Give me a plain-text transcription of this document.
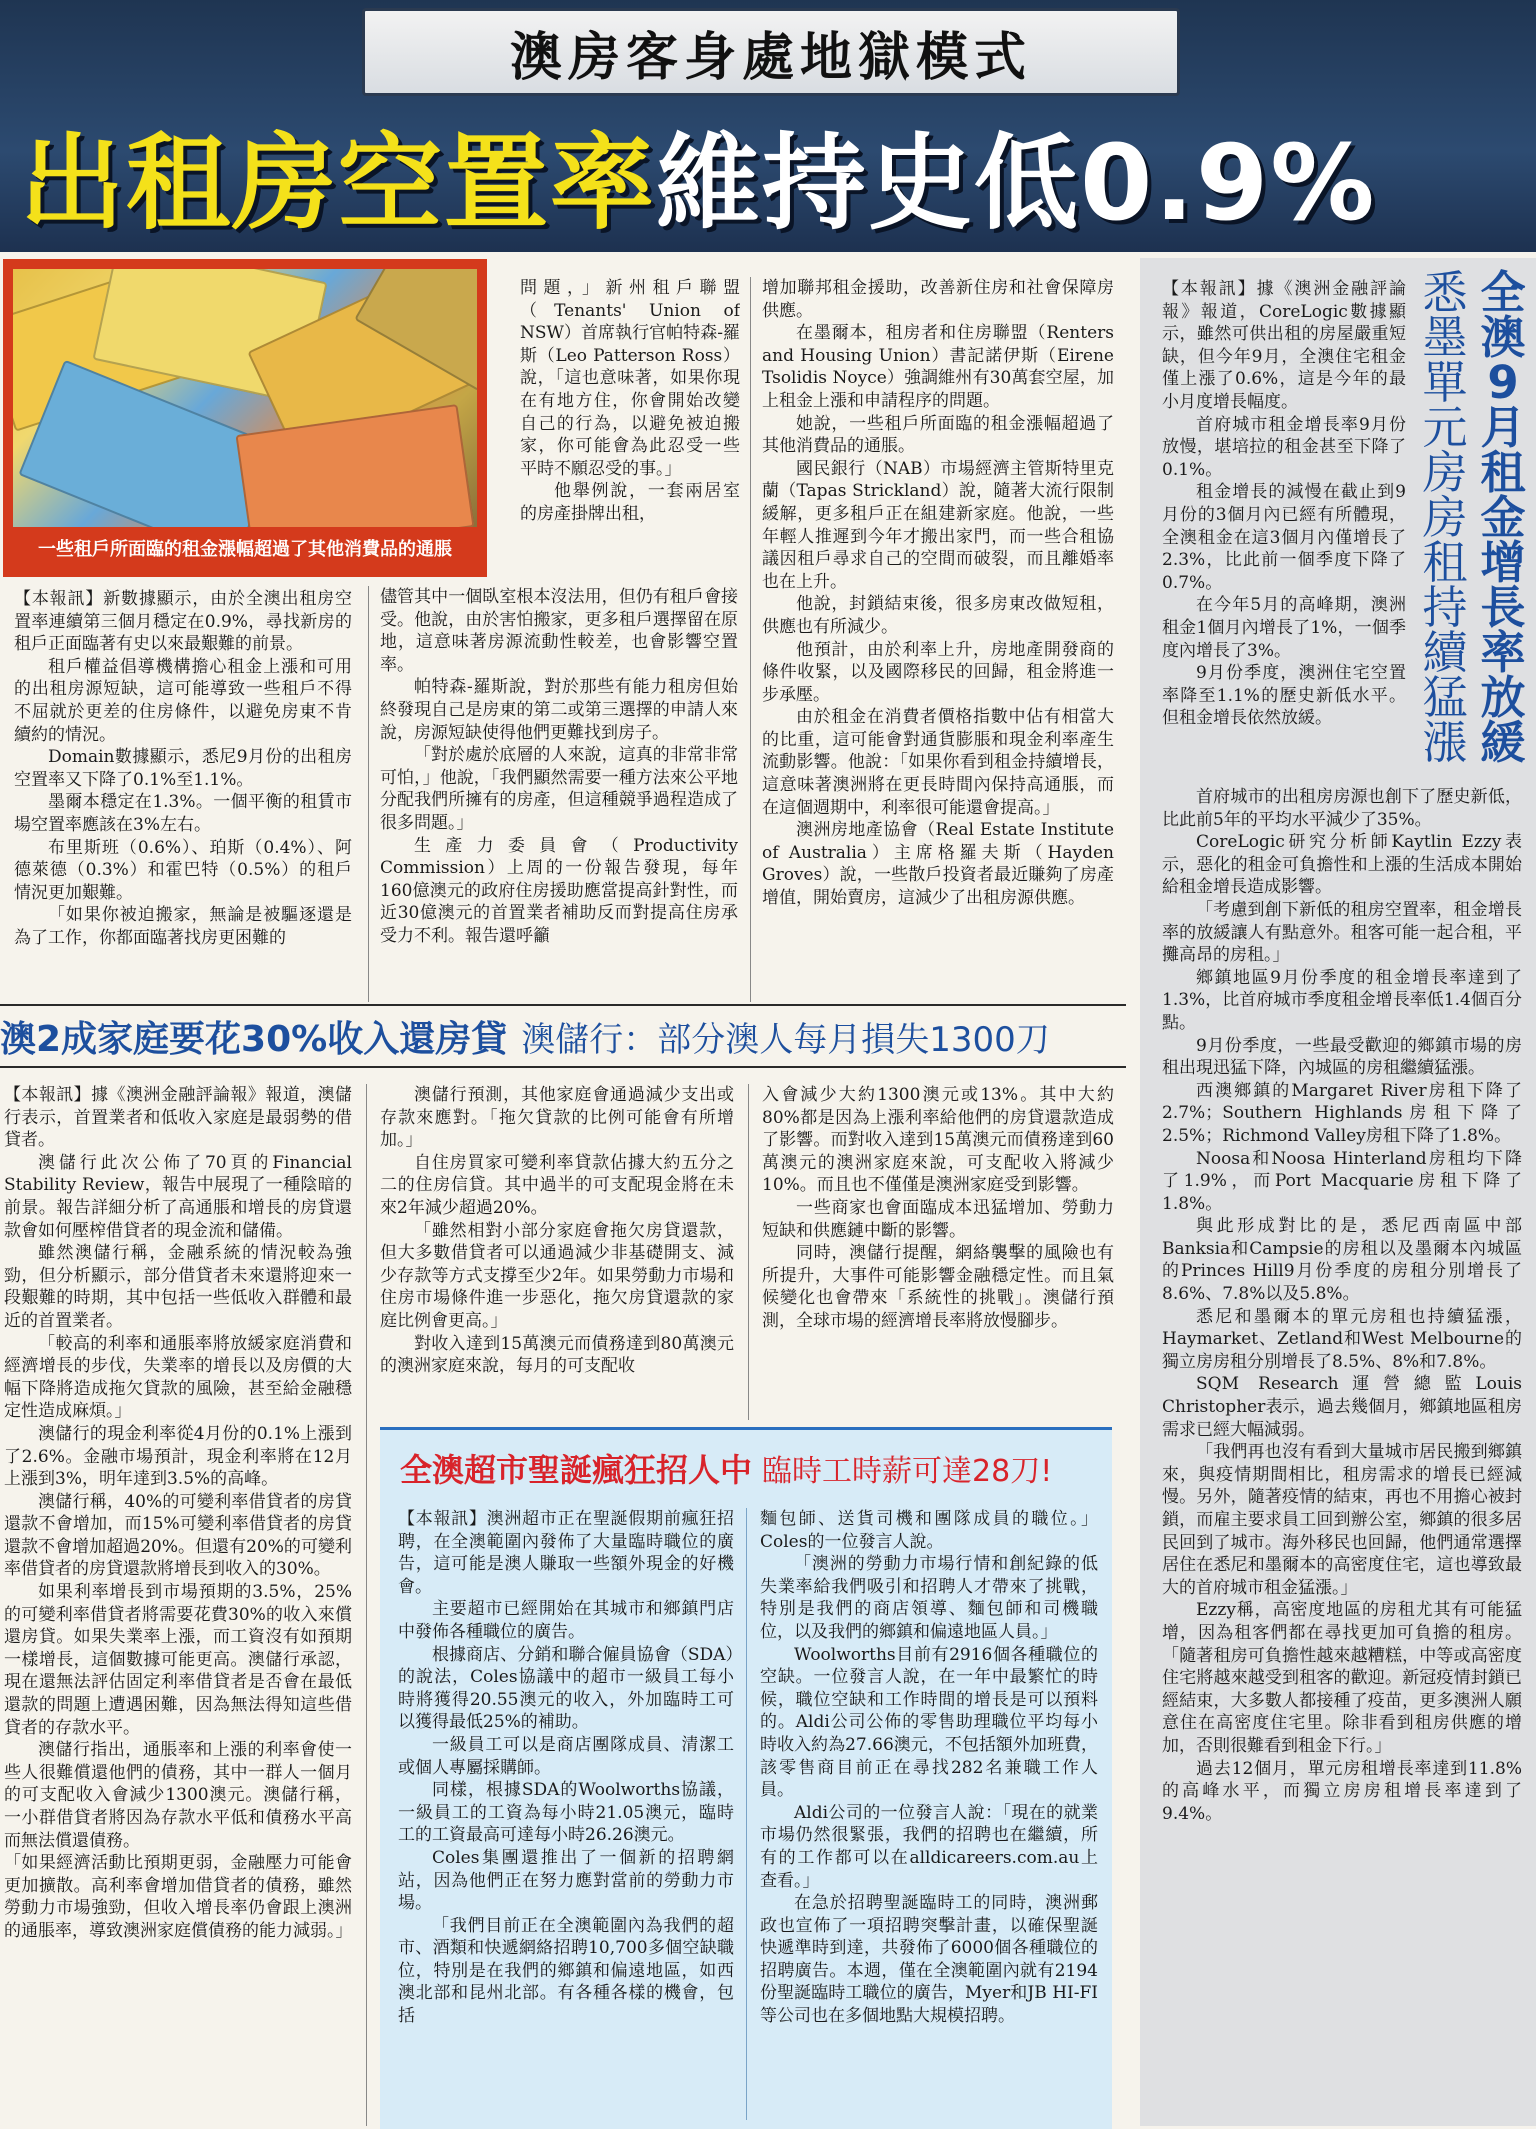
澳房客身處地獄模式
出租房空置率 維持史低0.9%
一些租戶所面臨的租金漲幅超過了其他消費品的通脹

【本報訊】新數據顯示，由於全澳出租房空置率連續第三個月穩定在0.9%，尋找新房的租戶正面臨著有史以來最艱難的前景。

租戶權益倡導機構擔心租金上漲和可用的出租房源短缺，這可能導致一些租戶不得不屈就於更差的住房條件，以避免房東不肯續約的情況。

Domain數據顯示，悉尼9月份的出租房空置率又下降了0.1%至1.1%。

墨爾本穩定在1.3%。一個平衡的租賃市場空置率應該在3%左右。

布里斯班（0.6%）、珀斯（0.4%）、阿德萊德（0.3%）和霍巴特（0.5%）的租戶情況更加艱難。

「如果你被迫搬家，無論是被驅逐還是為了工作，你都面臨著找房更困難的

問題，」新州租戶聯盟（Tenants' Union of NSW）首席執行官帕特森-羅斯（Leo Patterson Ross）說，「這也意味著，如果你現在有地方住，你會開始改變自己的行為，以避免被迫搬家，你可能會為此忍受一些平時不願忍受的事。」

他舉例說，一套兩居室的房產掛牌出租，

儘管其中一個臥室根本沒法用，但仍有租戶會接受。他說，由於害怕搬家，更多租戶選擇留在原地，這意味著房源流動性較差，也會影響空置率。

帕特森-羅斯說，對於那些有能力租房但始終發現自己是房東的第二或第三選擇的申請人來說，房源短缺使得他們更難找到房子。

「對於處於底層的人來說，這真的非常非常可怕，」他說，「我們顯然需要一種方法來公平地分配我們所擁有的房產，但這種競爭過程造成了很多問題。」

生產力委員會（Productivity Commission）上周的一份報告發現，每年160億澳元的政府住房援助應當提高針對性，而近30億澳元的首置業者補助反而對提高住房承受力不利。報告還呼籲

增加聯邦租金援助，改善新住房和社會保障房供應。

在墨爾本，租房者和住房聯盟（Renters and Housing Union）書記諾伊斯（Eirene Tsolidis Noyce）強調維州有30萬套空屋，加上租金上漲和申請程序的問題。

她說，一些租戶所面臨的租金漲幅超過了其他消費品的通脹。

國民銀行（NAB）市場經濟主管斯特里克蘭（Tapas Strickland）說，隨著大流行限制緩解，更多租戶正在組建新家庭。他說，一些年輕人推遲到今年才搬出家門，而一些合租協議因租戶尋求自己的空間而破裂，而且離婚率也在上升。

他說，封鎖結束後，很多房東改做短租，供應也有所減少。

他預計，由於利率上升，房地產開發商的條件收緊，以及國際移民的回歸，租金將進一步承壓。

由於租金在消費者價格指數中佔有相當大的比重，這可能會對通貨膨脹和現金利率產生流動影響。他說：「如果你看到租金持續增長，這意味著澳洲將在更長時間內保持高通脹，而在這個週期中，利率很可能還會提高。」

澳洲房地產協會（Real Estate Institute of Australia）主席格羅夫斯（Hayden Groves）說，一些散戶投資者最近賺夠了房產增值，開始賣房，這減少了出租房源供應。

澳2成家庭要花30%收入還房貸 澳儲行：部分澳人每月損失1300刀

【本報訊】據《澳洲金融評論報》報道，澳儲行表示，首置業者和低收入家庭是最弱勢的借貸者。

澳儲行此次公佈了70頁的Financial Stability Review，報告中展現了一種陰暗的前景。報告詳細分析了高通脹和增長的房貸還款會如何壓榨借貸者的現金流和儲備。

雖然澳儲行稱，金融系統的情況較為強勁，但分析顯示，部分借貸者未來還將迎來一段艱難的時期，其中包括一些低收入群體和最近的首置業者。

「較高的利率和通脹率將放緩家庭消費和經濟增長的步伐，失業率的增長以及房價的大幅下降將造成拖欠貸款的風險，甚至給金融穩定性造成麻煩。」

澳儲行的現金利率從4月份的0.1%上漲到了2.6%。金融市場預計，現金利率將在12月上漲到3%，明年達到3.5%的高峰。

澳儲行稱，40%的可變利率借貸者的房貸還款不會增加，而15%可變利率借貸者的房貸還款不會增加超過20%。但還有20%的可變利率借貸者的房貸還款將增長到收入的30%。

如果利率增長到市場預期的3.5%，25%的可變利率借貸者將需要花費30%的收入來償還房貸。如果失業率上漲，而工資沒有如預期一樣增長，這個數據可能更高。澳儲行承認，現在還無法評估固定利率借貸者是否會在最低還款的問題上遭遇困難，因為無法得知這些借貸者的存款水平。

澳儲行指出，通脹率和上漲的利率會使一些人很難償還他們的債務，其中一群人一個月的可支配收入會減少1300澳元。澳儲行稱，一小群借貸者將因為存款水平低和債務水平高而無法償還債務。

「如果經濟活動比預期更弱，金融壓力可能會更加擴散。高利率會增加借貸者的債務，雖然勞動力市場強勁，但收入增長率仍會跟上澳洲的通脹率，導致澳洲家庭償債務的能力減弱。」

澳儲行預測，其他家庭會通過減少支出或存款來應對。「拖欠貸款的比例可能會有所增加。」

自住房買家可變利率貸款佔據大約五分之二的住房信貸。其中過半的可支配現金將在未來2年減少超過20%。

「雖然相對小部分家庭會拖欠房貸還款，但大多數借貸者可以通過減少非基礎開支、減少存款等方式支撐至少2年。如果勞動力市場和住房市場條件進一步惡化，拖欠房貸還款的家庭比例會更高。」

對收入達到15萬澳元而債務達到80萬澳元的澳洲家庭來說，每月的可支配收

入會減少大約1300澳元或13%。其中大約80%都是因為上漲利率給他們的房貸還款造成了影響。而對收入達到15萬澳元而債務達到60萬澳元的澳洲家庭來說，可支配收入將減少10%。而且也不僅僅是澳洲家庭受到影響。

一些商家也會面臨成本迅猛增加、勞動力短缺和供應鏈中斷的影響。

同時，澳儲行提醒，網絡襲擊的風險也有所提升，大事件可能影響金融穩定性。而且氣候變化也會帶來「系統性的挑戰」。澳儲行預測，全球市場的經濟增長率將放慢腳步。

全澳超市聖誕瘋狂招人中 臨時工時薪可達28刀!

【本報訊】澳洲超市正在聖誕假期前瘋狂招聘，在全澳範圍內發佈了大量臨時職位的廣告，這可能是澳人賺取一些額外現金的好機會。

主要超市已經開始在其城市和鄉鎮門店中發佈各種職位的廣告。

根據商店、分銷和聯合僱員協會（SDA）的說法，Coles協議中的超市一級員工每小時將獲得20.55澳元的收入，外加臨時工可以獲得最低25%的補助。

一級員工可以是商店團隊成員、清潔工或個人專屬採購師。

同樣，根據SDA的Woolworths協議，一級員工的工資為每小時21.05澳元，臨時工的工資最高可達每小時26.26澳元。

Coles集團還推出了一個新的招聘網站，因為他們正在努力應對當前的勞動力市場。

「我們目前正在全澳範圍內為我們的超市、酒類和快遞網絡招聘10,700多個空缺職位，特別是在我們的鄉鎮和偏遠地區，如西澳北部和昆州北部。有各種各樣的機會，包括

麵包師、送貨司機和團隊成員的職位。」Coles的一位發言人說。

「澳洲的勞動力市場行情和創紀錄的低失業率給我們吸引和招聘人才帶來了挑戰，特別是我們的商店領導、麵包師和司機職位，以及我們的鄉鎮和偏遠地區人員。」

Woolworths目前有2916個各種職位的空缺。一位發言人說，在一年中最繁忙的時候，職位空缺和工作時間的增長是可以預料的。Aldi公司公佈的零售助理職位平均每小時收入約為27.66澳元，不包括額外加班費，該零售商目前正在尋找282名兼職工作人員。

Aldi公司的一位發言人說：「現在的就業市場仍然很緊張，我們的招聘也在繼續，所有的工作都可以在alldicareers.com.au上查看。」

在急於招聘聖誕臨時工的同時，澳洲郵政也宣佈了一項招聘突擊計畫，以確保聖誕快遞準時到達，共發佈了6000個各種職位的招聘廣告。本週，僅在全澳範圍內就有2194份聖誕臨時工職位的廣告，Myer和JB HI-FI等公司也在多個地點大規模招聘。

全澳9月租金增長率放緩
悉墨單元房房租持續猛漲

【本報訊】據《澳洲金融評論報》報道，CoreLogic數據顯示，雖然可供出租的房屋嚴重短缺，但今年9月，全澳住宅租金僅上漲了0.6%，這是今年的最小月度增長幅度。

首府城市租金增長率9月份放慢，堪培拉的租金甚至下降了0.1%。

租金增長的減慢在截止到9月份的3個月內已經有所體現，全澳租金在這3個月內僅增長了2.3%，比此前一個季度下降了0.7%。

在今年5月的高峰期，澳洲租金1個月內增長了1%，一個季度內增長了3%。

9月份季度，澳洲住宅空置率降至1.1%的歷史新低水平。但租金增長依然放緩。

首府城市的出租房房源也創下了歷史新低，比此前5年的平均水平減少了35%。

CoreLogic研究分析師Kaytlin Ezzy表示，惡化的租金可負擔性和上漲的生活成本開始給租金增長造成影響。

「考慮到創下新低的租房空置率，租金增長率的放緩讓人有點意外。租客可能一起合租，平攤高昂的房租。」

鄉鎮地區9月份季度的租金增長率達到了1.3%，比首府城市季度租金增長率低1.4個百分點。

9月份季度，一些最受歡迎的鄉鎮市場的房租出現迅猛下降，內城區的房租繼續猛漲。

西澳鄉鎮的Margaret River房租下降了2.7%；Southern Highlands房租下降了2.5%；Richmond Valley房租下降了1.8%。

Noosa和Noosa Hinterland房租均下降了1.9%，而Port Macquarie房租下降了1.8%。

與此形成對比的是，悉尼西南區中部Banksia和Campsie的房租以及墨爾本內城區的Princes Hill9月份季度的房租分別增長了8.6%、7.8%以及5.8%。

悉尼和墨爾本的單元房租也持續猛漲，Haymarket、Zetland和West Melbourne的獨立房房租分別增長了8.5%、8%和7.8%。

SQM Research運營總監Louis Christopher表示，過去幾個月，鄉鎮地區租房需求已經大幅減弱。

「我們再也沒有看到大量城市居民搬到鄉鎮來，與疫情期間相比，租房需求的增長已經減慢。另外，隨著疫情的結束，再也不用擔心被封鎖，而雇主要求員工回到辦公室，鄉鎮的很多居民回到了城市。海外移民也回歸，他們通常選擇居住在悉尼和墨爾本的高密度住宅，這也導致最大的首府城市租金猛漲。」

Ezzy稱，高密度地區的房租尤其有可能猛增，因為租客們都在尋找更加可負擔的租房。「隨著租房可負擔性越來越糟糕，中等或高密度住宅將越來越受到租客的歡迎。新冠疫情封鎖已經結束，大多數人都接種了疫苗，更多澳洲人願意住在高密度住宅里。除非看到租房供應的增加，否則很難看到租金下行。」

過去12個月，單元房租增長率達到11.8%的高峰水平，而獨立房房租增長率達到了9.4%。
